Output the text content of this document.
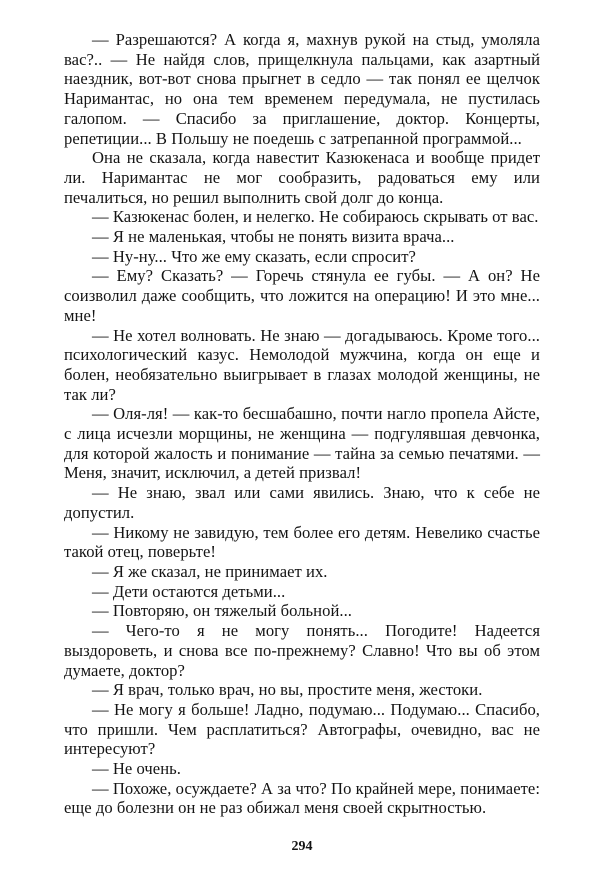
— Разрешаются? А когда я, махнув рукой на стыд, умоляла вас?.. — Не найдя слов, прищелкнула пальцами, как азартный наездник, вот-вот снова прыгнет в седло — так понял ее щелчок Наримантас, но она тем временем передумала, не пустилась галопом. — Спасибо за приглашение, доктор. Концерты, репетиции... В Польшу не поедешь с затрепанной программой...

Она не сказала, когда навестит Казюкенаса и вообще придет ли. Наримантас не мог сообразить, радоваться ему или печалиться, но решил выполнить свой долг до конца.

— Казюкенас болен, и нелегко. Не собираюсь скрывать от вас.

— Я не маленькая, чтобы не понять визита врача...

— Ну-ну... Что же ему сказать, если спросит?

— Ему? Сказать? — Горечь стянула ее губы. — А он? Не соизволил даже сообщить, что ложится на операцию! И это мне... мне!

— Не хотел волновать. Не знаю — догадываюсь. Кроме того... психологический казус. Немолодой мужчина, когда он еще и болен, необязательно выигрывает в глазах молодой женщины, не так ли?

— Оля-ля! — как-то бесшабашно, почти нагло пропела Айсте, с лица исчезли морщины, не женщина — подгулявшая девчонка, для которой жалость и понимание — тайна за семью печатями. — Меня, значит, исключил, а детей призвал!

— Не знаю, звал или сами явились. Знаю, что к себе не допустил.

— Никому не завидую, тем более его детям. Невелико счастье такой отец, поверьте!

— Я же сказал, не принимает их.

— Дети остаются детьми...

— Повторяю, он тяжелый больной...

— Чего-то я не могу понять... Погодите! Надеется выздороветь, и снова все по-прежнему? Славно! Что вы об этом думаете, доктор?

— Я врач, только врач, но вы, простите меня, жестоки.

— Не могу я больше! Ладно, подумаю... Подумаю... Спасибо, что пришли. Чем расплатиться? Автографы, очевидно, вас не интересуют?

— Не очень.

— Похоже, осуждаете? А за что? По крайней мере, понимаете: еще до болезни он не раз обижал меня своей скрытностью.

294
